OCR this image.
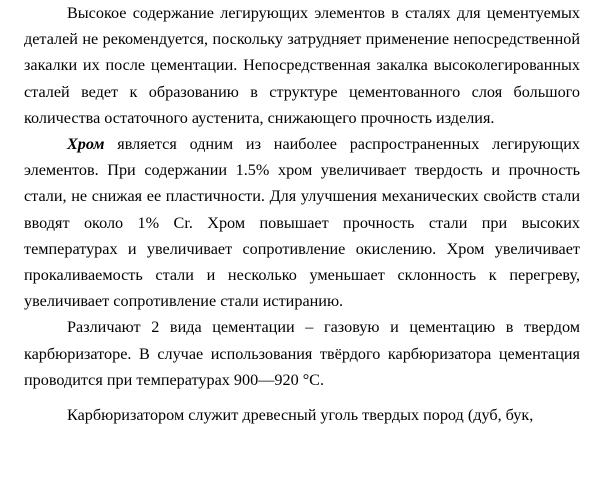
Высокое содержание легирующих элементов в сталях для цементуемых деталей не рекомендуется, поскольку затрудняет применение непосредственной закалки их после цементации. Непосредственная закалка высоколегированных сталей ведет к образованию в структуре цементованного слоя большого количества остаточного аустенита, снижающего прочность изделия.

Хром является одним из наиболее распространенных легирующих элементов. При содержании 1.5% хром увеличивает твердость и прочность стали, не снижая ее пластичности. Для улучшения механических свойств стали вводят около 1% Cr. Хром повышает прочность стали при высоких температурах и увеличивает сопротивление окислению. Хром увеличивает прокаливаемость стали и несколько уменьшает склонность к перегреву, увеличивает сопротивление стали истиранию.

Различают 2 вида цементации – газовую и цементацию в твердом карбюризаторе. В случае использования твёрдого карбюризатора цементация проводится при температурах 900—920 °C.

Карбюризатором служит древесный уголь твердых пород (дуб, бук,
